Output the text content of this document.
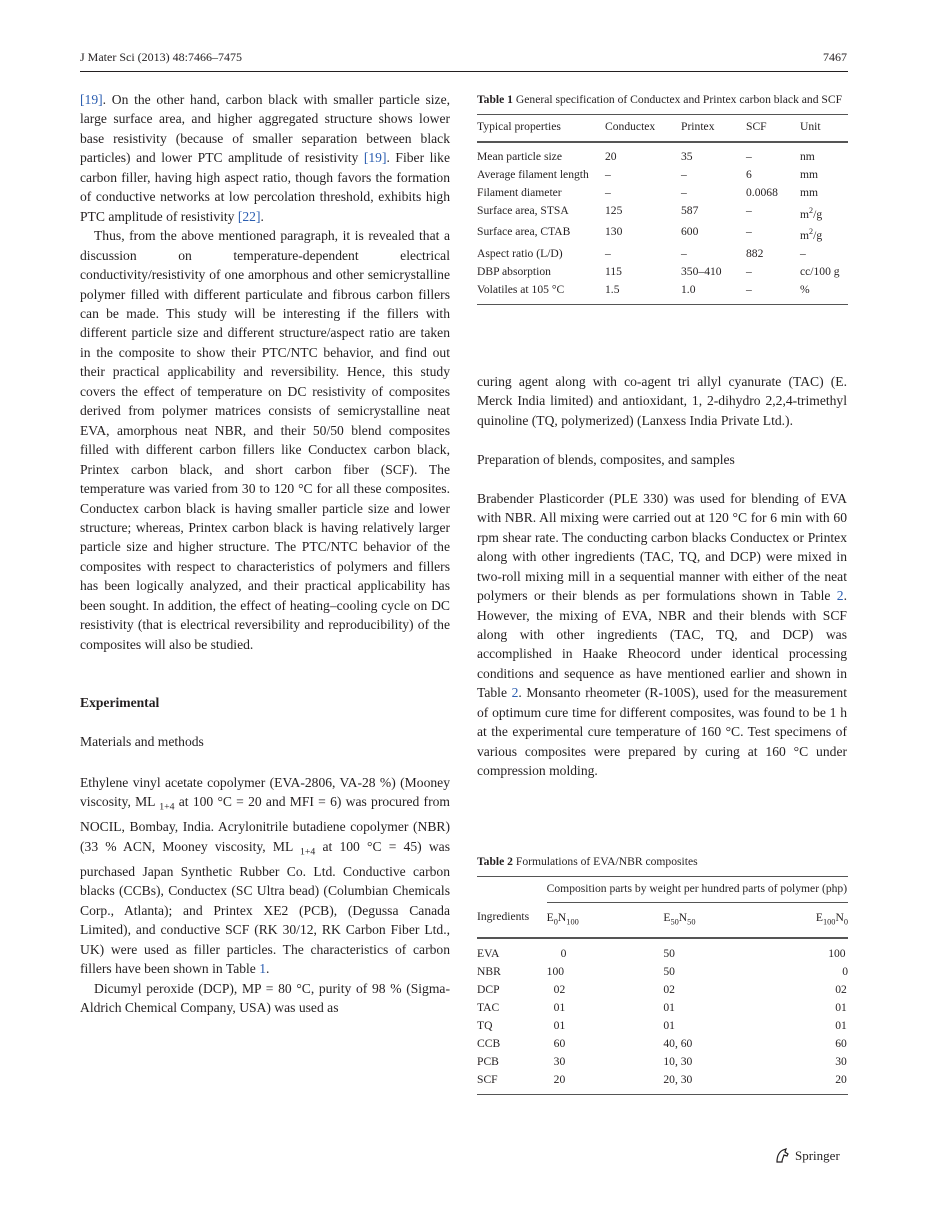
J Mater Sci (2013) 48:7466–7475	7467

[19]. On the other hand, carbon black with smaller particle size, large surface area, and higher aggregated structure shows lower base resistivity (because of smaller separation between black particles) and lower PTC amplitude of resistivity [19]. Fiber like carbon filler, having high aspect ratio, though favors the formation of conductive networks at low percolation threshold, exhibits high PTC amplitude of resistivity [22].

Thus, from the above mentioned paragraph, it is revealed that a discussion on temperature-dependent electrical conductivity/resistivity of one amorphous and other semicrystalline polymer filled with different particulate and fibrous carbon fillers can be made. This study will be interesting if the fillers with different particle size and different structure/aspect ratio are taken in the composite to show their PTC/NTC behavior, and find out their practical applicability and reversibility. Hence, this study covers the effect of temperature on DC resistivity of composites derived from polymer matrices consists of semicrystalline neat EVA, amorphous neat NBR, and their 50/50 blend composites filled with different carbon fillers like Conductex carbon black, Printex carbon black, and short carbon fiber (SCF). The temperature was varied from 30 to 120 °C for all these composites. Conductex carbon black is having smaller particle size and lower structure; whereas, Printex carbon black is having relatively larger particle size and higher structure. The PTC/NTC behavior of the composites with respect to characteristics of polymers and fillers has been logically analyzed, and their practical applicability has been sought. In addition, the effect of heating–cooling cycle on DC resistivity (that is electrical reversibility and reproducibility) of the composites will also be studied.

Experimental

Materials and methods

Ethylene vinyl acetate copolymer (EVA-2806, VA-28 %) (Mooney viscosity, ML $_{1+4}$ at 100 °C = 20 and MFI = 6) was procured from NOCIL, Bombay, India. Acrylonitrile butadiene copolymer (NBR) (33 % ACN, Mooney viscosity, ML $_{1+4}$ at 100 °C = 45) was purchased Japan Synthetic Rubber Co. Ltd. Conductive carbon blacks (CCBs), Conductex (SC Ultra bead) (Columbian Chemicals Corp., Atlanta); and Printex XE2 (PCB), (Degussa Canada Limited), and conductive SCF (RK 30/12, RK Carbon Fiber Ltd., UK) were used as filler particles. The characteristics of carbon fillers have been shown in Table 1.

Dicumyl peroxide (DCP), MP = 80 °C, purity of 98 % (Sigma-Aldrich Chemical Company, USA) was used as

Table 1 General specification of Conductex and Printex carbon black and SCF
Typical properties	Conductex	Printex	SCF	Unit
Mean particle size	20	35	–	nm
Average filament length	–	–	6	mm
Filament diameter	–	–	0.0068	mm
Surface area, STSA	125	587	–	$m^2/g$
Surface area, CTAB	130	600	–	$m^2/g$
Aspect ratio (L/D)	–	–	882	–
DBP absorption	115	350–410	–	cc/100 g
Volatiles at 105 °C	1.5	1.0	–	%

curing agent along with co-agent tri allyl cyanurate (TAC) (E. Merck India limited) and antioxidant, 1, 2-dihydro 2,2,4-trimethyl quinoline (TQ, polymerized) (Lanxess India Private Ltd.).

Preparation of blends, composites, and samples

Brabender Plasticorder (PLE 330) was used for blending of EVA with NBR. All mixing were carried out at 120 °C for 6 min with 60 rpm shear rate. The conducting carbon blacks Conductex or Printex along with other ingredients (TAC, TQ, and DCP) were mixed in two-roll mixing mill in a sequential manner with either of the neat polymers or their blends as per formulations shown in Table 2. However, the mixing of EVA, NBR and their blends with SCF along with other ingredients (TAC, TQ, and DCP) was accomplished in Haake Rheocord under identical processing conditions and sequence as have mentioned earlier and shown in Table 2. Monsanto rheometer (R-100S), used for the measurement of optimum cure time for different composites, was found to be 1 h at the experimental cure temperature of 160 °C. Test specimens of various composites were prepared by curing at 160 °C under compression molding.

Table 2 Formulations of EVA/NBR composites
	Composition parts by weight per hundred parts of polymer (php)		
Ingredients	$E_0N_{100}$	$E_{50}N_{50}$	$E_{100}N_0$
EVA	0	50	100
NBR	100	50	0
DCP	02	02	02
TAC	01	01	01
TQ	01	01	01
CCB	60	40, 60	60
PCB	30	10, 30	30
SCF	20	20, 30	20
Springer
